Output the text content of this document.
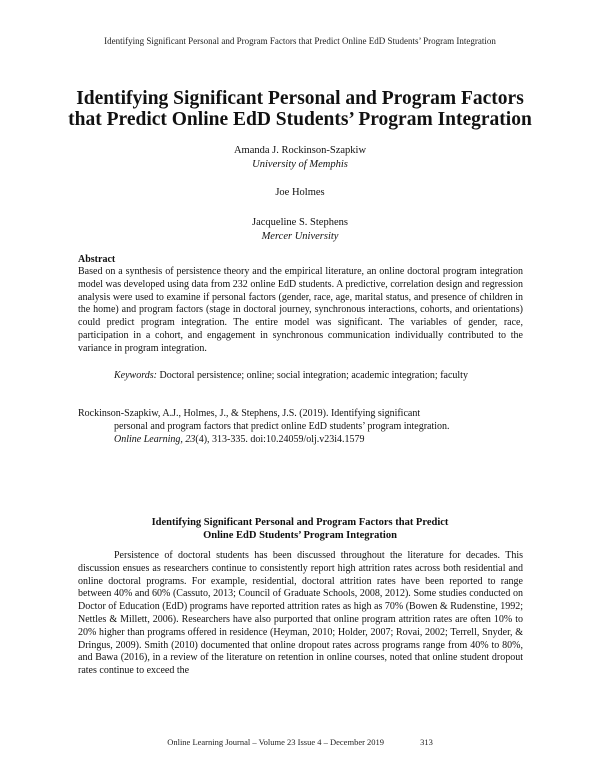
Identifying Significant Personal and Program Factors that Predict Online EdD Students’ Program Integration
Identifying Significant Personal and Program Factors
that Predict Online EdD Students’ Program Integration
Amanda J. Rockinson-Szapkiw
University of Memphis
Joe Holmes
Jacqueline S. Stephens
Mercer University
Abstract
Based on a synthesis of persistence theory and the empirical literature, an online doctoral program integration model was developed using data from 232 online EdD students. A predictive, correlation design and regression analysis were used to examine if personal factors (gender, race, age, marital status, and presence of children in the home) and program factors (stage in doctoral journey, synchronous interactions, cohorts, and orientations) could predict program integration. The entire model was significant. The variables of gender, race, participation in a cohort, and engagement in synchronous communication individually contributed to the variance in program integration.
Keywords: Doctoral persistence; online; social integration; academic integration; faculty
Rockinson-Szapkiw, A.J., Holmes, J., & Stephens, J.S. (2019). Identifying significant
personal and program factors that predict online EdD students’ program integration.
Online Learning, 23(4), 313-335. doi:10.24059/olj.v23i4.1579
Identifying Significant Personal and Program Factors that Predict
Online EdD Students’ Program Integration
Persistence of doctoral students has been discussed throughout the literature for decades. This discussion ensues as researchers continue to consistently report high attrition rates across both residential and online doctoral programs. For example, residential, doctoral attrition rates have been reported to range between 40% and 60% (Cassuto, 2013; Council of Graduate Schools, 2008, 2012). Some studies conducted on Doctor of Education (EdD) programs have reported attrition rates as high as 70% (Bowen & Rudenstine, 1992; Nettles & Millett, 2006). Researchers have also purported that online program attrition rates are often 10% to 20% higher than programs offered in residence (Heyman, 2010; Holder, 2007; Rovai, 2002; Terrell, Snyder, & Dringus, 2009). Smith (2010) documented that online dropout rates across programs range from 40% to 80%, and Bawa (2016), in a review of the literature on retention in online courses, noted that online student dropout rates continue to exceed the
Online Learning Journal – Volume 23 Issue 4 – December 2019	313
